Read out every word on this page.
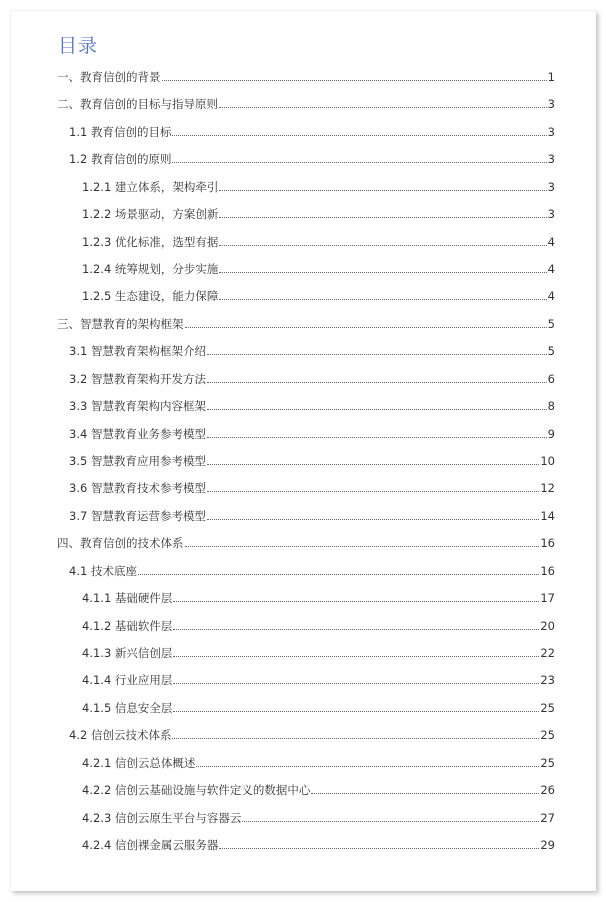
目录
一、教育信创的背景	1
二、教育信创的目标与指导原则	3
1.1 教育信创的目标	3
1.2 教育信创的原则	3
1.2.1 建立体系，架构牵引	3
1.2.2 场景驱动，方案创新	3
1.2.3 优化标准，选型有据	4
1.2.4 统筹规划，分步实施	4
1.2.5 生态建设，能力保障	4
三、智慧教育的架构框架	5
3.1 智慧教育架构框架介绍	5
3.2 智慧教育架构开发方法	6
3.3 智慧教育架构内容框架	8
3.4 智慧教育业务参考模型	9
3.5 智慧教育应用参考模型	10
3.6 智慧教育技术参考模型	12
3.7 智慧教育运营参考模型	14
四、教育信创的技术体系	16
4.1 技术底座	16
4.1.1 基础硬件层	17
4.1.2 基础软件层	20
4.1.3 新兴信创层	22
4.1.4 行业应用层	23
4.1.5 信息安全层	25
4.2 信创云技术体系	25
4.2.1 信创云总体概述	25
4.2.2 信创云基础设施与软件定义的数据中心	26
4.2.3 信创云原生平台与容器云	27
4.2.4 信创裸金属云服务器	29
